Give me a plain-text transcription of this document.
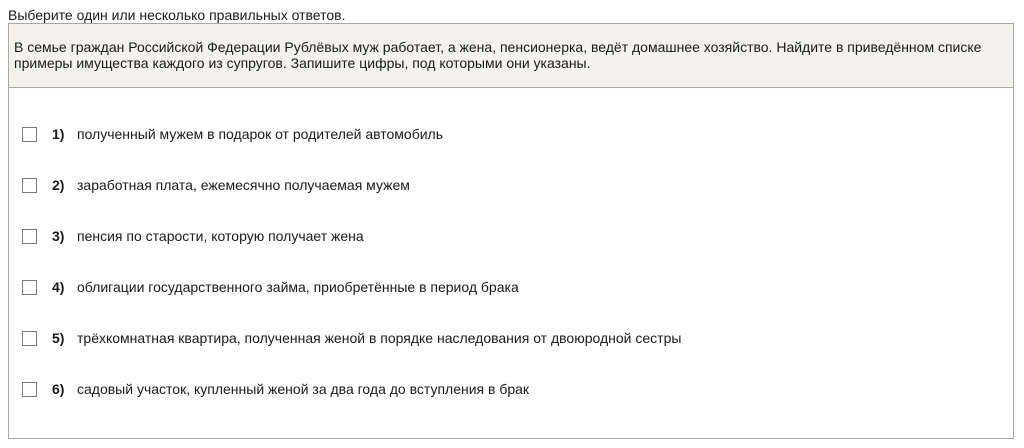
Выберите один или несколько правильных ответов.
В семье граждан Российской Федерации Рублёвых муж работает, а жена, пенсионерка, ведёт домашнее хозяйство. Найдите в приведённом списке примеры имущества каждого из супругов. Запишите цифры, под которыми они указаны.
1) полученный мужем в подарок от родителей автомобиль
2) заработная плата, ежемесячно получаемая мужем
3) пенсия по старости, которую получает жена
4) облигации государственного займа, приобретённые в период брака
5) трёхкомнатная квартира, полученная женой в порядке наследования от двоюродной сестры
6) садовый участок, купленный женой за два года до вступления в брак
